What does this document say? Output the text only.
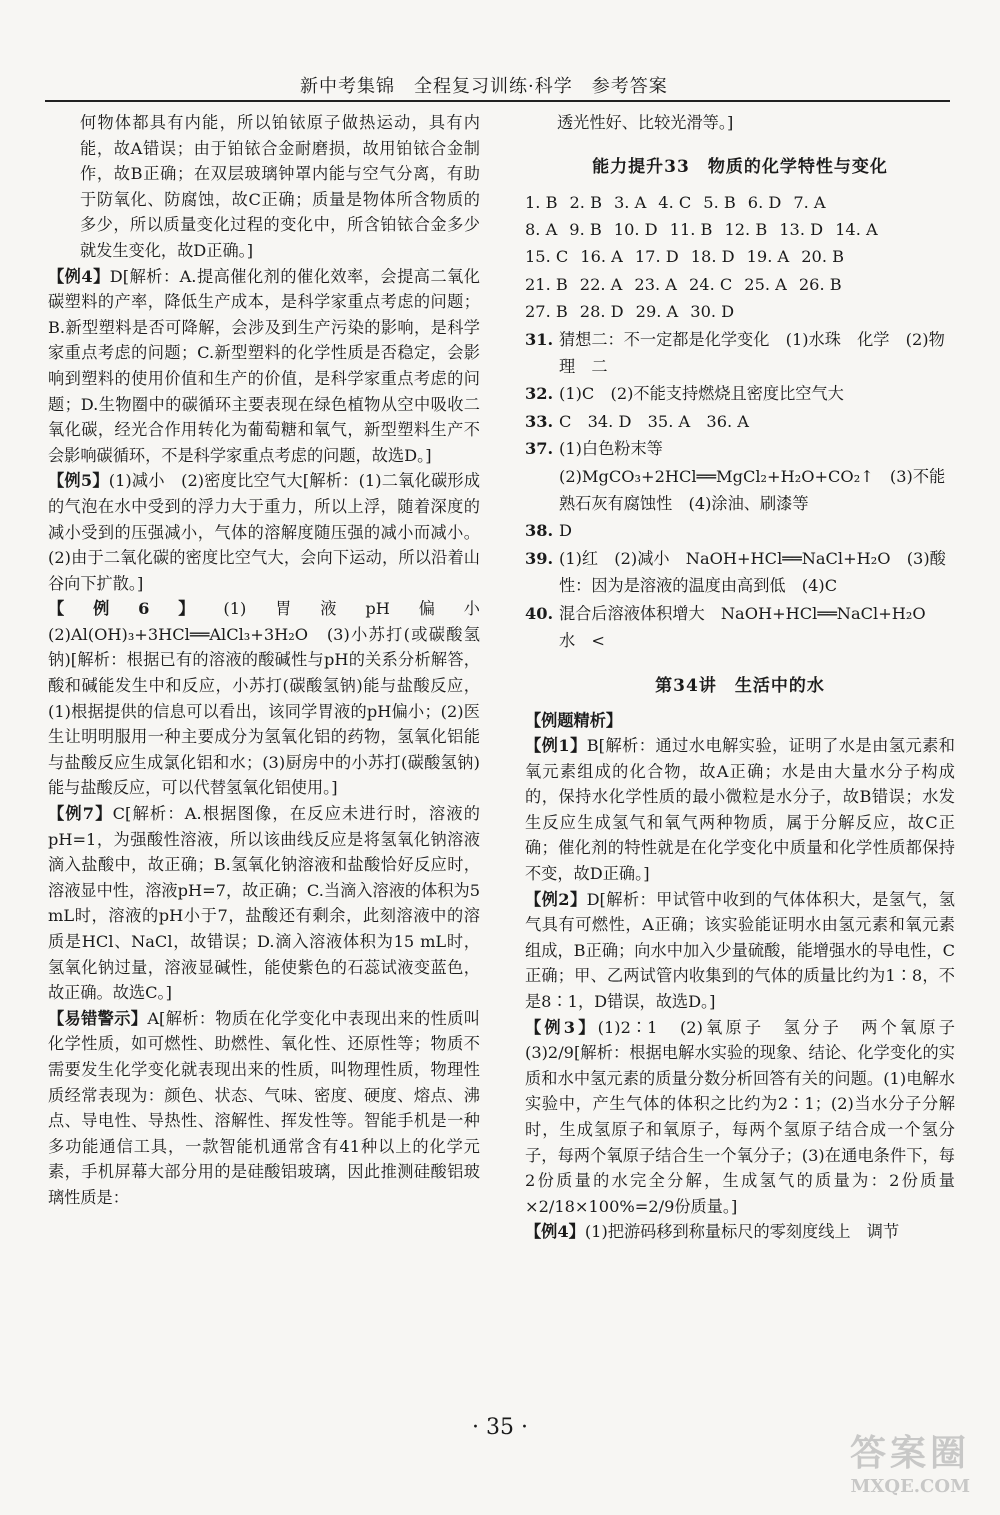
新中考集锦　全程复习训练·科学　参考答案

何物体都具有内能，所以铂铱原子做热运动，具有内能，故A错误；由于铂铱合金耐磨损，故用铂铱合金制作，故B正确；在双层玻璃钟罩内能与空气分离，有助于防氧化、防腐蚀，故C正确；质量是物体所含物质的多少，所以质量变化过程的变化中，所含铂铱合金多少就发生变化，故D正确。]

【例4】D[解析：A.提高催化剂的催化效率，会提高二氧化碳塑料的产率，降低生产成本，是科学家重点考虑的问题；B.新型塑料是否可降解，会涉及到生产污染的影响，是科学家重点考虑的问题；C.新型塑料的化学性质是否稳定，会影响到塑料的使用价值和生产的价值，是科学家重点考虑的问题；D.生物圈中的碳循环主要表现在绿色植物从空中吸收二氧化碳，经光合作用转化为葡萄糖和氧气，新型塑料生产不会影响碳循环，不是科学家重点考虑的问题，故选D。]

【例5】(1)减小　(2)密度比空气大[解析：(1)二氧化碳形成的气泡在水中受到的浮力大于重力，所以上浮，随着深度的减小受到的压强减小，气体的溶解度随压强的减小而减小。(2)由于二氧化碳的密度比空气大，会向下运动，所以沿着山谷向下扩散。]

【例6】(1)胃液pH偏小　(2)Al(OH)₃+3HCl══AlCl₃+3H₂O　(3)小苏打(或碳酸氢钠)[解析：根据已有的溶液的酸碱性与pH的关系分析解答，酸和碱能发生中和反应，小苏打(碳酸氢钠)能与盐酸反应，(1)根据提供的信息可以看出，该同学胃液的pH偏小；(2)医生让明明服用一种主要成分为氢氧化铝的药物，氢氧化铝能与盐酸反应生成氯化铝和水；(3)厨房中的小苏打(碳酸氢钠)能与盐酸反应，可以代替氢氧化铝使用。]

【例7】C[解析：A.根据图像，在反应未进行时，溶液的pH=1，为强酸性溶液，所以该曲线反应是将氢氧化钠溶液滴入盐酸中，故正确；B.氢氧化钠溶液和盐酸恰好反应时，溶液显中性，溶液pH=7，故正确；C.当滴入溶液的体积为5 mL时，溶液的pH小于7，盐酸还有剩余，此刻溶液中的溶质是HCl、NaCl，故错误；D.滴入溶液体积为15 mL时，氢氧化钠过量，溶液显碱性，能使紫色的石蕊试液变蓝色，故正确。故选C。]

【易错警示】A[解析：物质在化学变化中表现出来的性质叫化学性质，如可燃性、助燃性、氧化性、还原性等；物质不需要发生化学变化就表现出来的性质，叫物理性质，物理性质经常表现为：颜色、状态、气味、密度、硬度、熔点、沸点、导电性、导热性、溶解性、挥发性等。智能手机是一种多功能通信工具，一款智能机通常含有41种以上的化学元素，手机屏幕大部分用的是硅酸铝玻璃，因此推测硅酸铝玻璃性质是：

透光性好、比较光滑等。]

能力提升33　物质的化学特性与变化
1. B 2. B 3. A 4. C 5. B 6. D 7. A
8. A 9. B 10. D 11. B 12. B 13. D 14. A
15. C 16. A 17. D 18. D 19. A 20. B
21. B 22. A 23. A 24. C 25. A 26. B
27. B 28. D 29. A 30. D
31. 猜想二：不一定都是化学变化　(1)水珠　化学　(2)物理　二
32. (1)C　(2)不能支持燃烧且密度比空气大
33. C　34. D　35. A　36. A
37. (1)白色粉末等　(2)MgCO₃+2HCl══MgCl₂+H₂O+CO₂↑　(3)不能　熟石灰有腐蚀性　(4)涂油、刷漆等
38. D
39. (1)红　(2)减小　NaOH+HCl══NaCl+H₂O　(3)酸性：因为是溶液的温度由高到低　(4)C
40. 混合后溶液体积增大　NaOH+HCl══NaCl+H₂O　水　<
第34讲　生活中的水
【例题精析】

【例1】B[解析：通过水电解实验，证明了水是由氢元素和氧元素组成的化合物，故A正确；水是由大量水分子构成的，保持水化学性质的最小微粒是水分子，故B错误；水发生反应生成氢气和氧气两种物质，属于分解反应，故C正确；催化剂的特性就是在化学变化中质量和化学性质都保持不变，故D正确。]

【例2】D[解析：甲试管中收到的气体体积大，是氢气，氢气具有可燃性，A正确；该实验能证明水由氢元素和氧元素组成，B正确；向水中加入少量硫酸，能增强水的导电性，C正确；甲、乙两试管内收集到的气体的质量比约为1∶8，不是8∶1，D错误，故选D。]

【例3】(1)2∶1　(2)氧原子　氢分子　两个氧原子　(3)2/9[解析：根据电解水实验的现象、结论、化学变化的实质和水中氢元素的质量分数分析回答有关的问题。(1)电解水实验中，产生气体的体积之比约为2∶1；(2)当水分子分解时，生成氢原子和氧原子，每两个氢原子结合成一个氢分子，每两个氧原子结合生一个氧分子；(3)在通电条件下，每2份质量的水完全分解，生成氢气的质量为：2份质量×2/18×100%=2/9份质量。]

【例4】(1)把游码移到称量标尺的零刻度线上　调节

· 35 ·
答案圈
MXQE.COM
